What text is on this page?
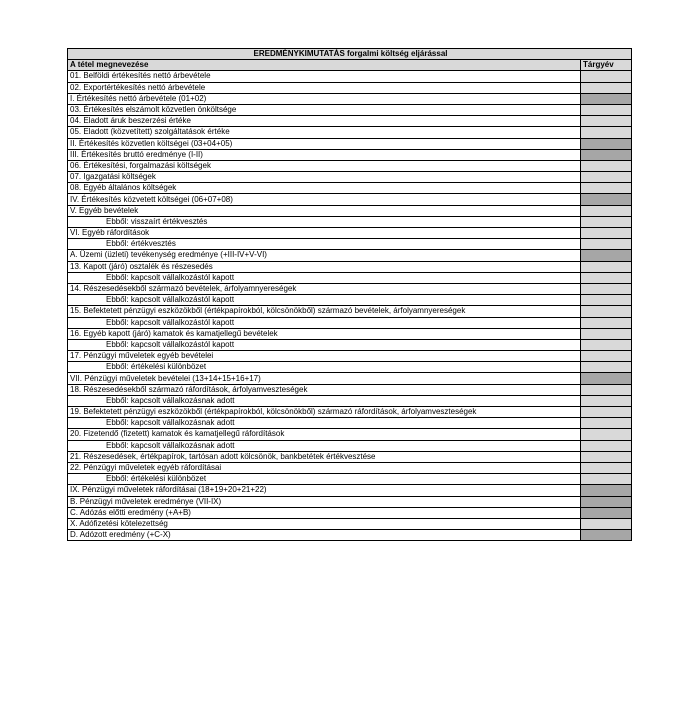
EREDMÉNYKIMUTATÁS forgalmi költség eljárással	
A tétel megnevezése	Tárgyév
01. Belföldi értékesítés nettó árbevétele	
02. Exportértékesítés nettó árbevétele	
I. Értékesítés nettó árbevétele (01+02)	
03. Értékesítés elszámolt közvetlen önköltsége	
04. Eladott áruk beszerzési értéke	
05. Eladott (közvetített) szolgáltatások értéke	
II. Értékesítés közvetlen költségei (03+04+05)	
III. Értékesítés bruttó eredménye (I-II)	
06. Értékesítési, forgalmazási költségek	
07. Igazgatási költségek	
08. Egyéb általános költségek	
IV. Értékesítés közvetett költségei (06+07+08)	
V. Egyéb bevételek	
Ebből: visszaírt értékvesztés	
VI. Egyéb ráfordítások	
Ebből: értékvesztés	
A. Üzemi (üzleti) tevékenység eredménye (+III-IV+V-VI)	
13. Kapott (járó) osztalék és részesedés	
Ebből: kapcsolt vállalkozástól kapott	
14. Részesedésekből származó bevételek, árfolyamnyereségek	
Ebből: kapcsolt vállalkozástól kapott	
15. Befektetett pénzügyi eszközökből (értékpapírokból, kölcsönökből) származó bevételek, árfolyamnyereségek	
Ebből: kapcsolt vállalkozástól kapott	
16. Egyéb kapott (járó) kamatok és kamatjellegű bevételek	
Ebből: kapcsolt vállalkozástól kapott	
17. Pénzügyi műveletek egyéb bevételei	
Ebből: értékelési különbözet	
VII. Pénzügyi műveletek bevételei (13+14+15+16+17)	
18. Részesedésekből származó ráfordítások, árfolyamveszteségek	
Ebből: kapcsolt vállalkozásnak adott	
19. Befektetett pénzügyi eszközökből (értékpapírokból, kölcsönökből) származó ráfordítások, árfolyamveszteségek	
Ebből: kapcsolt vállalkozásnak adott	
20. Fizetendő (fizetett) kamatok és kamatjellegű ráfordítások	
Ebből: kapcsolt vállalkozásnak adott	
21. Részesedések, értékpapírok, tartósan adott kölcsönök, bankbetétek értékvesztése	
22. Pénzügyi műveletek egyéb ráfordításai	
Ebből: értékelési különbözet	
IX. Pénzügyi műveletek ráfordításai (18+19+20+21+22)	
B. Pénzügyi műveletek eredménye (VII-IX)	
C. Adózás előtti eredmény (+A+B)	
X. Adófizetési kötelezettség	
D. Adózott eredmény (+C-X)	
